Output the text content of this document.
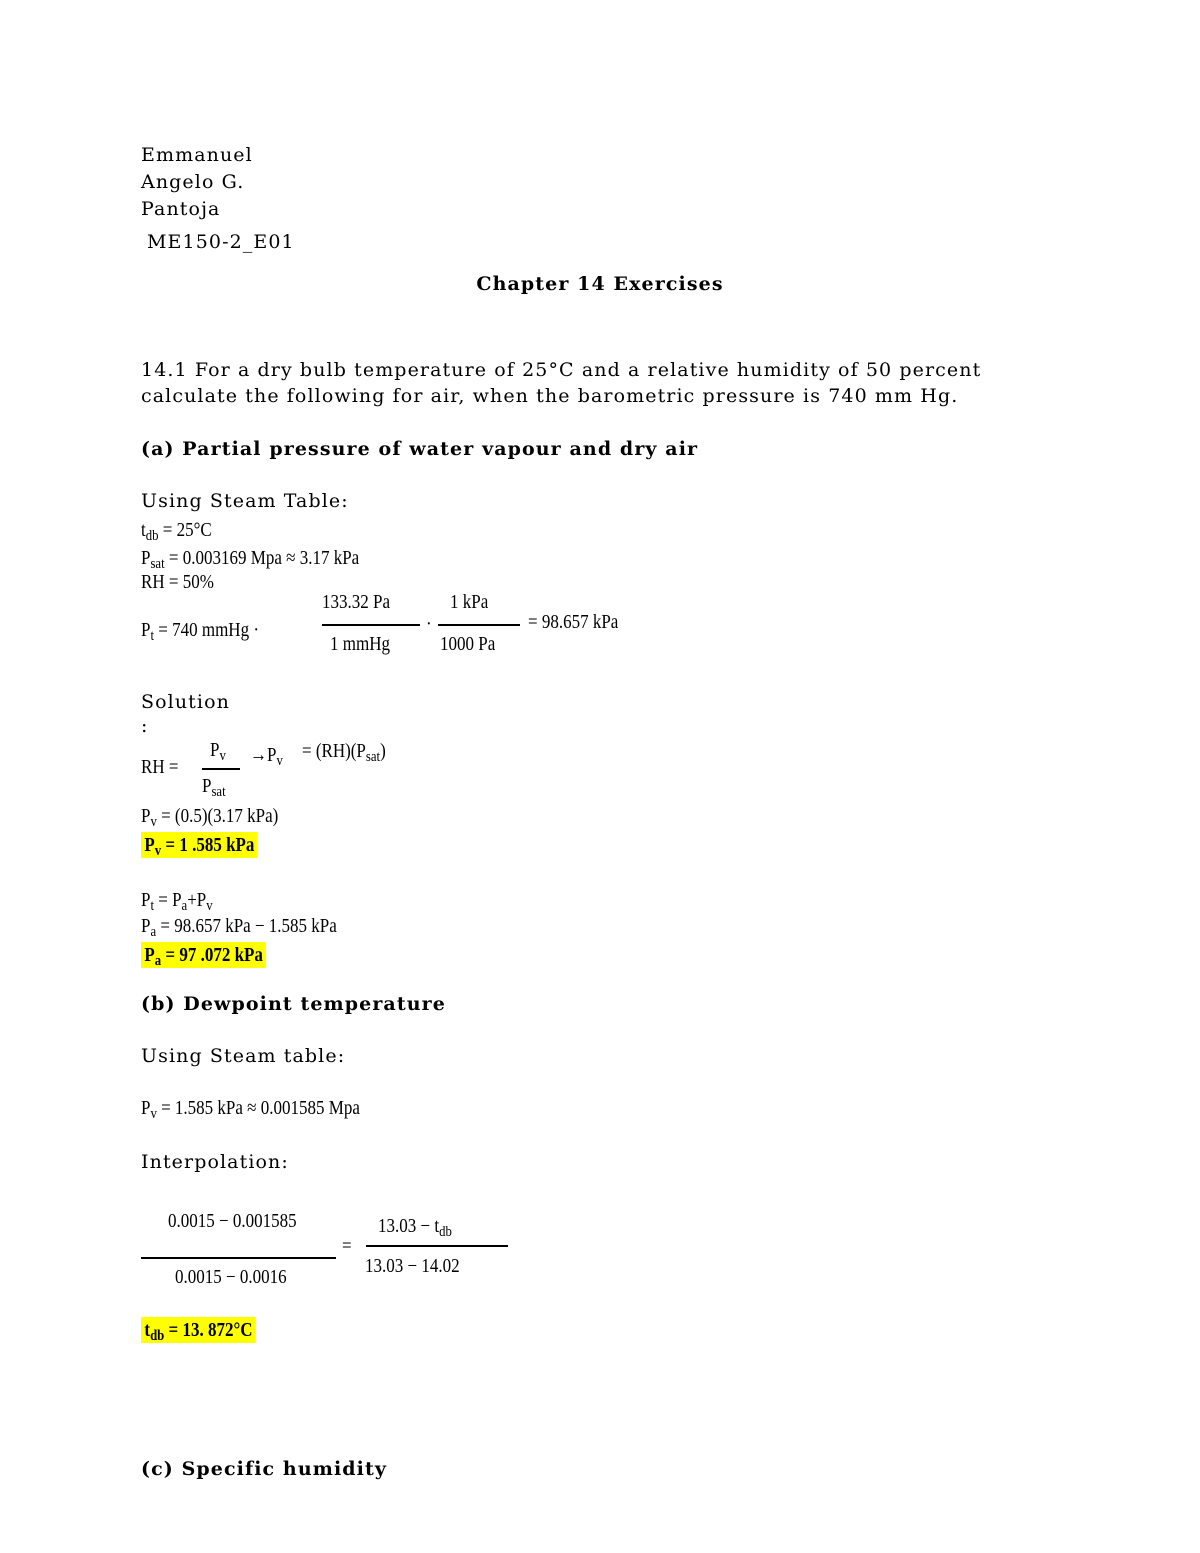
Emmanuel
Angelo G.
Pantoja
ME150-2_E01
Chapter 14 Exercises
14.1 For a dry bulb temperature of 25°C and a relative humidity of 50 percent
calculate the following for air, when the barometric pressure is 740 mm Hg.
(a) Partial pressure of water vapour and dry air
Using Steam Table:
$t_{db} = 25^\circ C$
$P_{sat} = 0.003169$ Mpa ≈ 3.17 kPa
RH = 50%
$P_t = 740$ mmHg ·
133.32 Pa
1 mmHg
·
1 kPa
1000 Pa
= 98.657 kPa
Solution
:
RH =
$P_v$
$P_{sat}$
$\to P_v = (RH)(P_{sat})$
$P_v = (0.5)(3.17$ kPa)
$P_v = 1$ .585 kPa
$P_t = P_a+P_v$
$P_a = 98.657$ kPa − 1.585 kPa
$P_a = 97$ .072 kPa
(b) Dewpoint temperature
Using Steam table:
$P_v = 1.585$ kPa ≈ 0.001585 Mpa
Interpolation:
0.0015 − 0.001585
0.0015 − 0.0016
=
$13.03 - t_{db}$
13.03 − 14.02
$t_{db} = 13$. 872°C
(c) Specific humidity
